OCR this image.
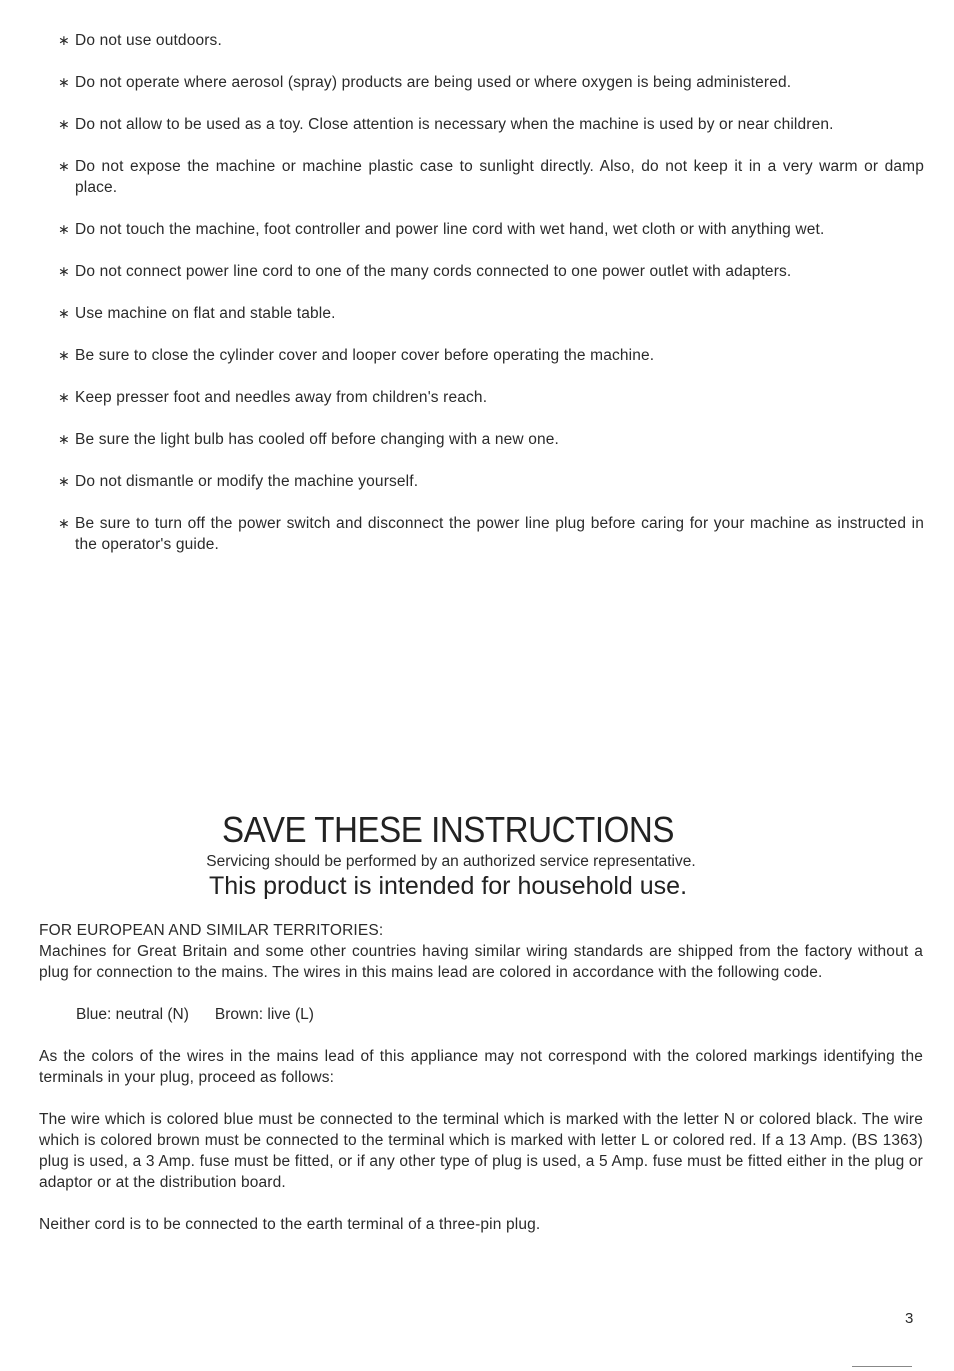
∗ Do not use outdoors.
∗ Do not operate where aerosol (spray) products are being used or where oxygen is being administered.
∗ Do not allow to be used as a toy. Close attention is necessary when the machine is used by or near children.
∗ Do not expose the machine or machine plastic case to sunlight directly. Also, do not keep it in a very warm or damp place.
∗ Do not touch the machine, foot controller and power line cord with wet hand, wet cloth or with anything wet.
∗ Do not connect power line cord to one of the many cords connected to one power outlet with adapters.
∗ Use machine on flat and stable table.
∗ Be sure to close the cylinder cover and looper cover before operating the machine.
∗ Keep presser foot and needles away from children's reach.
∗ Be sure the light bulb has cooled off before changing with a new one.
∗ Do not dismantle or modify the machine yourself.
∗ Be sure to turn off the power switch and disconnect the power line plug before caring for your machine as instructed in the operator's guide.
SAVE THESE INSTRUCTIONS
Servicing should be performed by an authorized service representative.
This product is intended for household use.

FOR EUROPEAN AND SIMILAR TERRITORIES:

Machines for Great Britain and some other countries having similar wiring standards are shipped from the factory without a plug for connection to the mains. The wires in this mains lead are colored in accordance with the following code.

Blue: neutral (N) Brown: live (L)

As the colors of the wires in the mains lead of this appliance may not correspond with the colored markings identifying the terminals in your plug, proceed as follows:

The wire which is colored blue must be connected to the terminal which is marked with the letter N or colored black. The wire which is colored brown must be connected to the terminal which is marked with letter L or colored red. If a 13 Amp. (BS 1363) plug is used, a 3 Amp. fuse must be fitted, or if any other type of plug is used, a 5 Amp. fuse must be fitted either in the plug or adaptor or at the distribution board.

Neither cord is to be connected to the earth terminal of a three-pin plug.

3
